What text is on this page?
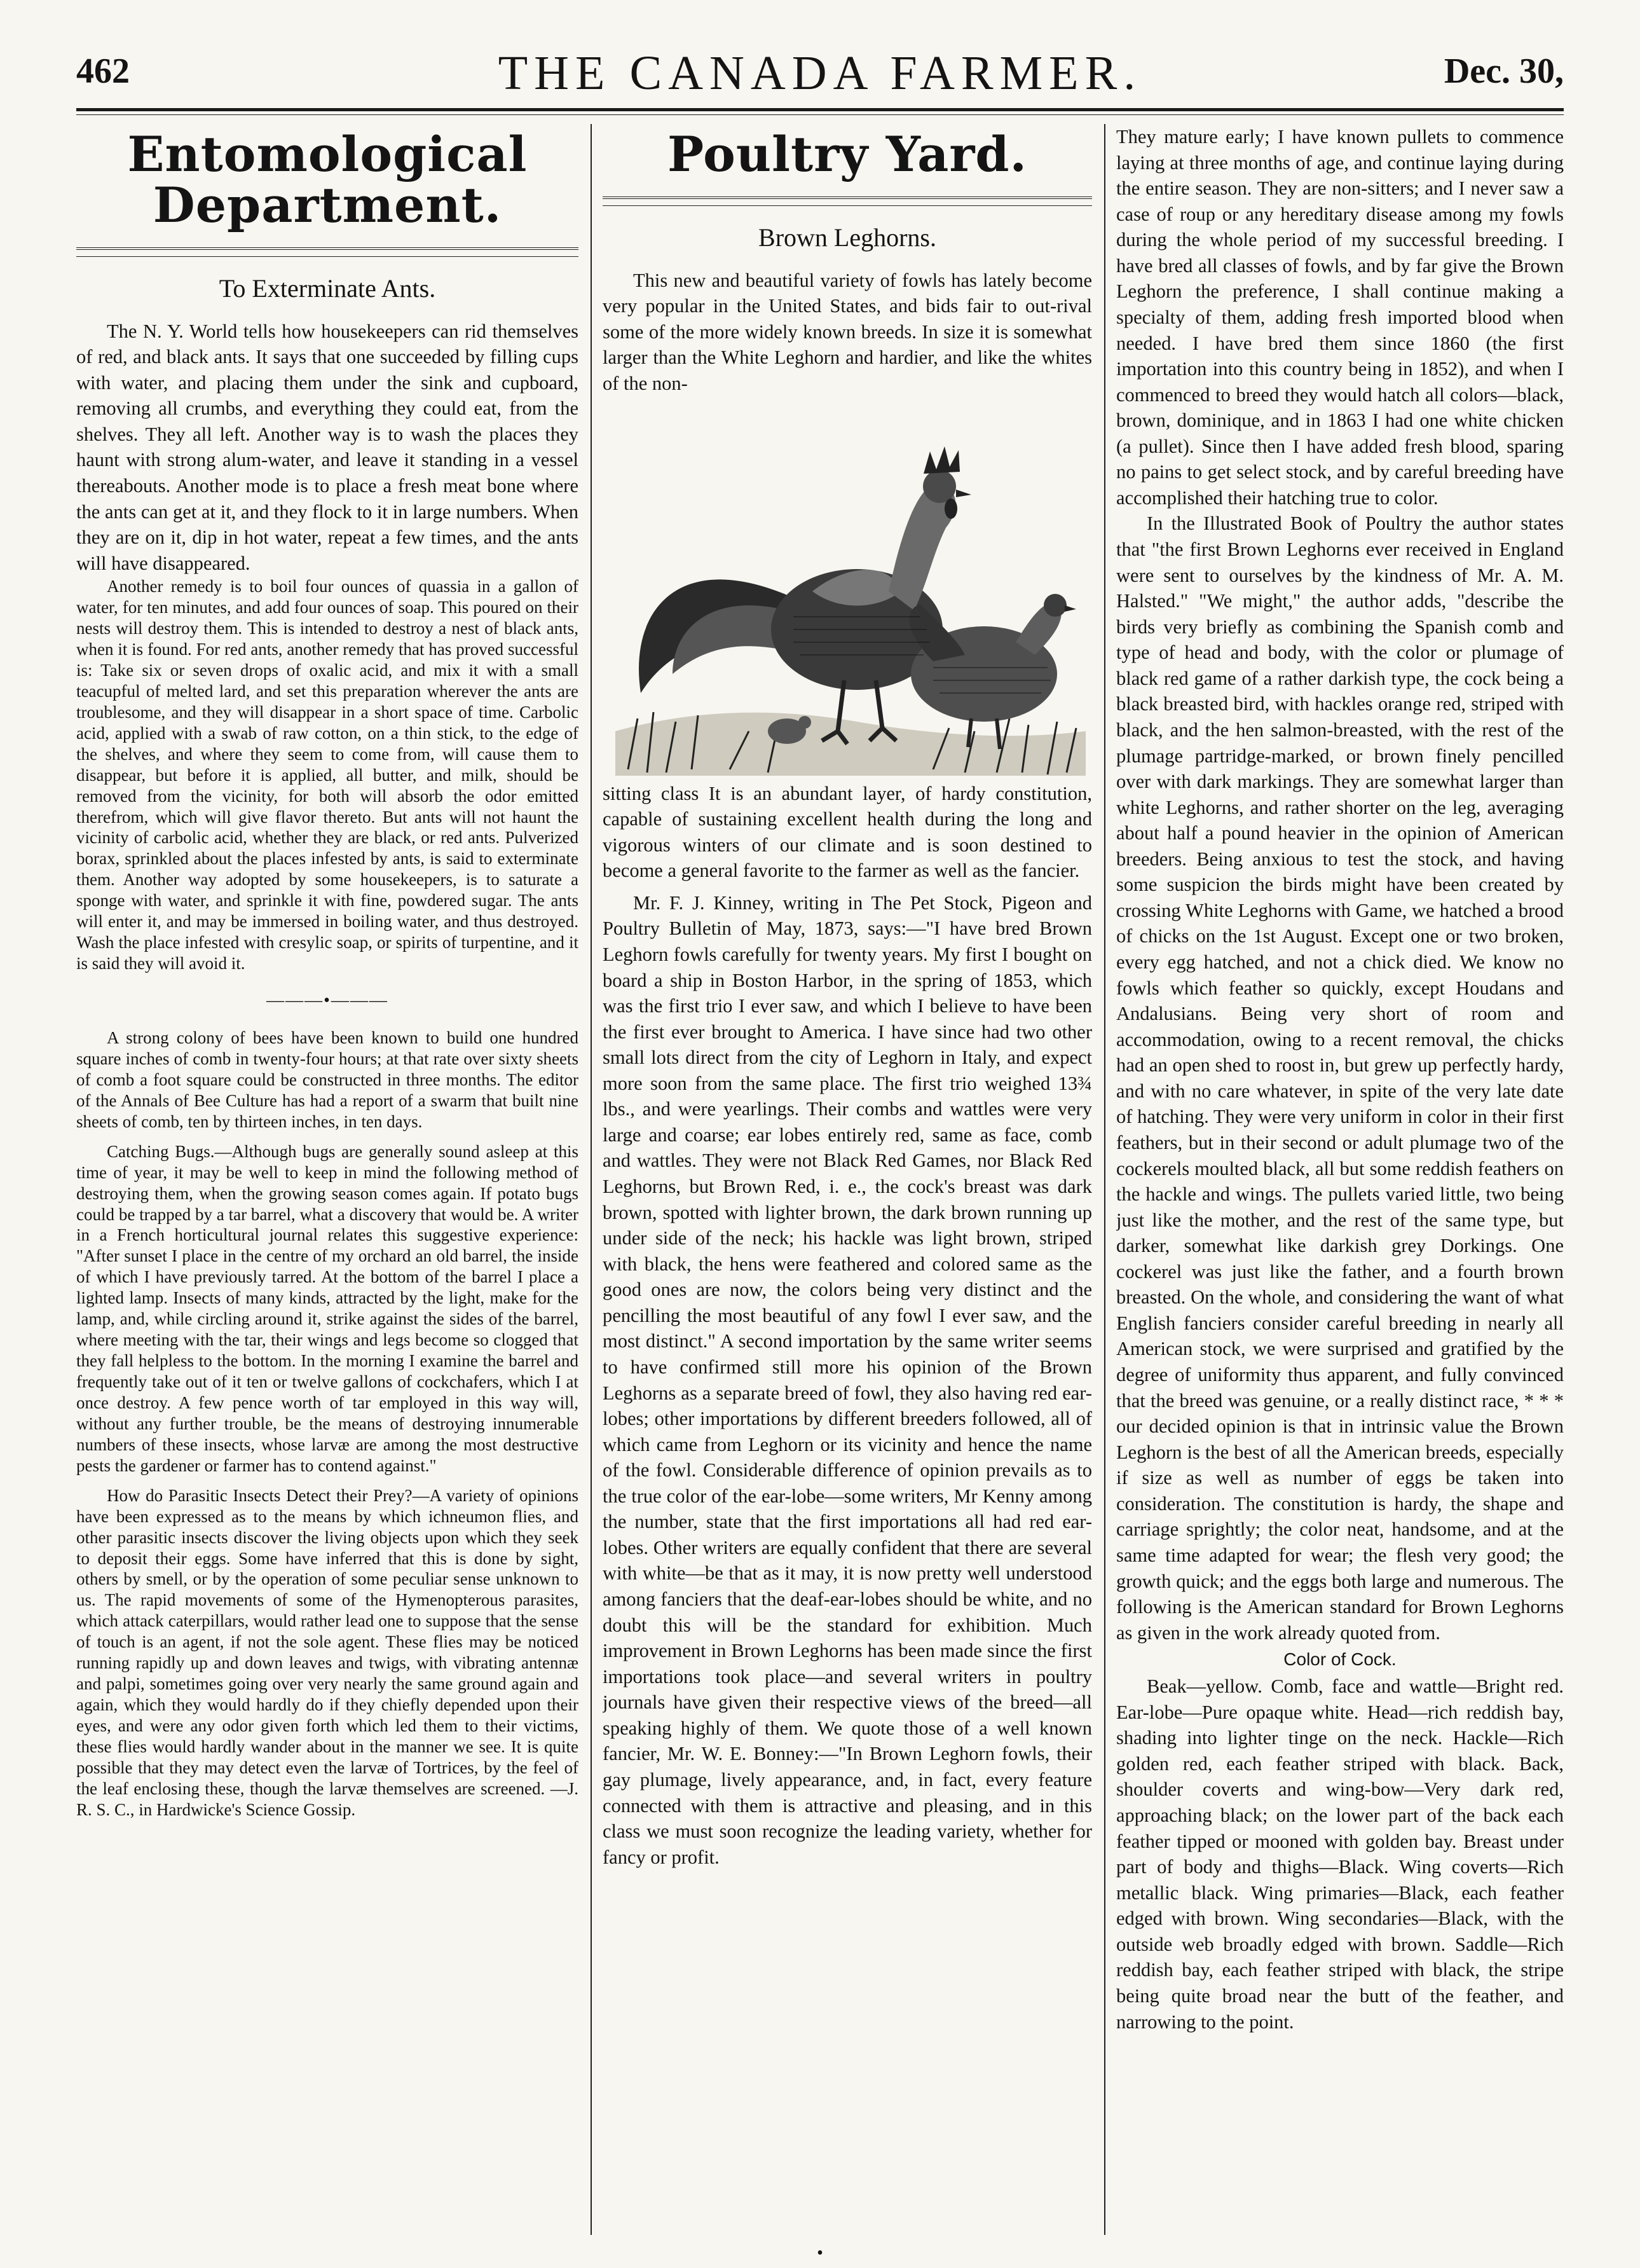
462	THE CANADA FARMER.	Dec. 30,
Entomological Department.
To Exterminate Ants.

The N. Y. World tells how housekeepers can rid themselves of red, and black ants. It says that one succeeded by filling cups with water, and placing them under the sink and cupboard, removing all crumbs, and everything they could eat, from the shelves. They all left. Another way is to wash the places they haunt with strong alum-water, and leave it standing in a vessel thereabouts. Another mode is to place a fresh meat bone where the ants can get at it, and they flock to it in large numbers. When they are on it, dip in hot water, repeat a few times, and the ants will have disappeared.

Another remedy is to boil four ounces of quassia in a gallon of water, for ten minutes, and add four ounces of soap. This poured on their nests will destroy them. This is intended to destroy a nest of black ants, when it is found. For red ants, another remedy that has proved successful is: Take six or seven drops of oxalic acid, and mix it with a small teacupful of melted lard, and set this preparation wherever the ants are troublesome, and they will disappear in a short space of time. Carbolic acid, applied with a swab of raw cotton, on a thin stick, to the edge of the shelves, and where they seem to come from, will cause them to disappear, but before it is applied, all butter, and milk, should be removed from the vicinity, for both will absorb the odor emitted therefrom, which will give flavor thereto. But ants will not haunt the vicinity of carbolic acid, whether they are black, or red ants. Pulverized borax, sprinkled about the places infested by ants, is said to exterminate them. Another way adopted by some housekeepers, is to saturate a sponge with water, and sprinkle it with fine, powdered sugar. The ants will enter it, and may be immersed in boiling water, and thus destroyed. Wash the place infested with cresylic soap, or spirits of turpentine, and it is said they will avoid it.

———•———

A strong colony of bees have been known to build one hundred square inches of comb in twenty-four hours; at that rate over sixty sheets of comb a foot square could be constructed in three months. The editor of the Annals of Bee Culture has had a report of a swarm that built nine sheets of comb, ten by thirteen inches, in ten days.

Catching Bugs.—Although bugs are generally sound asleep at this time of year, it may be well to keep in mind the following method of destroying them, when the growing season comes again. If potato bugs could be trapped by a tar barrel, what a discovery that would be. A writer in a French horticultural journal relates this suggestive experience: "After sunset I place in the centre of my orchard an old barrel, the inside of which I have previously tarred. At the bottom of the barrel I place a lighted lamp. Insects of many kinds, attracted by the light, make for the lamp, and, while circling around it, strike against the sides of the barrel, where meeting with the tar, their wings and legs become so clogged that they fall helpless to the bottom. In the morning I examine the barrel and frequently take out of it ten or twelve gallons of cockchafers, which I at once destroy. A few pence worth of tar employed in this way will, without any further trouble, be the means of destroying innumerable numbers of these insects, whose larvæ are among the most destructive pests the gardener or farmer has to contend against."

How do Parasitic Insects Detect their Prey?—A variety of opinions have been expressed as to the means by which ichneumon flies, and other parasitic insects discover the living objects upon which they seek to deposit their eggs. Some have inferred that this is done by sight, others by smell, or by the operation of some peculiar sense unknown to us. The rapid movements of some of the Hymenopterous parasites, which attack caterpillars, would rather lead one to suppose that the sense of touch is an agent, if not the sole agent. These flies may be noticed running rapidly up and down leaves and twigs, with vibrating antennæ and palpi, sometimes going over very nearly the same ground again and again, which they would hardly do if they chiefly depended upon their eyes, and were any odor given forth which led them to their victims, these flies would hardly wander about in the manner we see. It is quite possible that they may detect even the larvæ of Tortrices, by the feel of the leaf enclosing these, though the larvæ themselves are screened. —J. R. S. C., in Hardwicke's Science Gossip.

Poultry Yard.
Brown Leghorns.

This new and beautiful variety of fowls has lately become very popular in the United States, and bids fair to out-rival some of the more widely known breeds. In size it is somewhat larger than the White Leghorn and hardier, and like the whites of the non-

sitting class It is an abundant layer, of hardy constitution, capable of sustaining excellent health during the long and vigorous winters of our climate and is soon destined to become a general favorite to the farmer as well as the fancier.

Mr. F. J. Kinney, writing in The Pet Stock, Pigeon and Poultry Bulletin of May, 1873, says:—"I have bred Brown Leghorn fowls carefully for twenty years. My first I bought on board a ship in Boston Harbor, in the spring of 1853, which was the first trio I ever saw, and which I believe to have been the first ever brought to America. I have since had two other small lots direct from the city of Leghorn in Italy, and expect more soon from the same place. The first trio weighed 13¾ lbs., and were yearlings. Their combs and wattles were very large and coarse; ear lobes entirely red, same as face, comb and wattles. They were not Black Red Games, nor Black Red Leghorns, but Brown Red, i. e., the cock's breast was dark brown, spotted with lighter brown, the dark brown running up under side of the neck; his hackle was light brown, striped with black, the hens were feathered and colored same as the good ones are now, the colors being very distinct and the pencilling the most beautiful of any fowl I ever saw, and the most distinct." A second importation by the same writer seems to have confirmed still more his opinion of the Brown Leghorns as a separate breed of fowl, they also having red ear-lobes; other importations by different breeders followed, all of which came from Leghorn or its vicinity and hence the name of the fowl. Considerable difference of opinion prevails as to the true color of the ear-lobe—some writers, Mr Kenny among the number, state that the first importations all had red ear-lobes. Other writers are equally confident that there are several with white—be that as it may, it is now pretty well understood among fanciers that the deaf-ear-lobes should be white, and no doubt this will be the standard for exhibition. Much improvement in Brown Leghorns has been made since the first importations took place—and several writers in poultry journals have given their respective views of the breed—all speaking highly of them. We quote those of a well known fancier, Mr. W. E. Bonney:—"In Brown Leghorn fowls, their gay plumage, lively appearance, and, in fact, every feature connected with them is attractive and pleasing, and in this class we must soon recognize the leading variety, whether for fancy or profit.

They mature early; I have known pullets to commence laying at three months of age, and continue laying during the entire season. They are non-sitters; and I never saw a case of roup or any hereditary disease among my fowls during the whole period of my successful breeding. I have bred all classes of fowls, and by far give the Brown Leghorn the preference, I shall continue making a specialty of them, adding fresh imported blood when needed. I have bred them since 1860 (the first importation into this country being in 1852), and when I commenced to breed they would hatch all colors—black, brown, dominique, and in 1863 I had one white chicken (a pullet). Since then I have added fresh blood, sparing no pains to get select stock, and by careful breeding have accomplished their hatching true to color.

In the Illustrated Book of Poultry the author states that "the first Brown Leghorns ever received in England were sent to ourselves by the kindness of Mr. A. M. Halsted." "We might," the author adds, "describe the birds very briefly as combining the Spanish comb and type of head and body, with the color or plumage of black red game of a rather darkish type, the cock being a black breasted bird, with hackles orange red, striped with black, and the hen salmon-breasted, with the rest of the plumage partridge-marked, or brown finely pencilled over with dark markings. They are somewhat larger than white Leghorns, and rather shorter on the leg, averaging about half a pound heavier in the opinion of American breeders. Being anxious to test the stock, and having some suspicion the birds might have been created by crossing White Leghorns with Game, we hatched a brood of chicks on the 1st August. Except one or two broken, every egg hatched, and not a chick died. We know no fowls which feather so quickly, except Houdans and Andalusians. Being very short of room and accommodation, owing to a recent removal, the chicks had an open shed to roost in, but grew up perfectly hardy, and with no care whatever, in spite of the very late date of hatching. They were very uniform in color in their first feathers, but in their second or adult plumage two of the cockerels moulted black, all but some reddish feathers on the hackle and wings. The pullets varied little, two being just like the mother, and the rest of the same type, but darker, somewhat like darkish grey Dorkings. One cockerel was just like the father, and a fourth brown breasted. On the whole, and considering the want of what English fanciers consider careful breeding in nearly all American stock, we were surprised and gratified by the degree of uniformity thus apparent, and fully convinced that the breed was genuine, or a really distinct race, * * * our decided opinion is that in intrinsic value the Brown Leghorn is the best of all the American breeds, especially if size as well as number of eggs be taken into consideration. The constitution is hardy, the shape and carriage sprightly; the color neat, handsome, and at the same time adapted for wear; the flesh very good; the growth quick; and the eggs both large and numerous. The following is the American standard for Brown Leghorns as given in the work already quoted from.

Color of Cock.

Beak—yellow. Comb, face and wattle—Bright red. Ear-lobe—Pure opaque white. Head—rich reddish bay, shading into lighter tinge on the neck. Hackle—Rich golden red, each feather striped with black. Back, shoulder coverts and wing-bow—Very dark red, approaching black; on the lower part of the back each feather tipped or mooned with golden bay. Breast under part of body and thighs—Black. Wing coverts—Rich metallic black. Wing primaries—Black, each feather edged with brown. Wing secondaries—Black, with the outside web broadly edged with brown. Saddle—Rich reddish bay, each feather striped with black, the stripe being quite broad near the butt of the feather, and narrowing to the point.

•
